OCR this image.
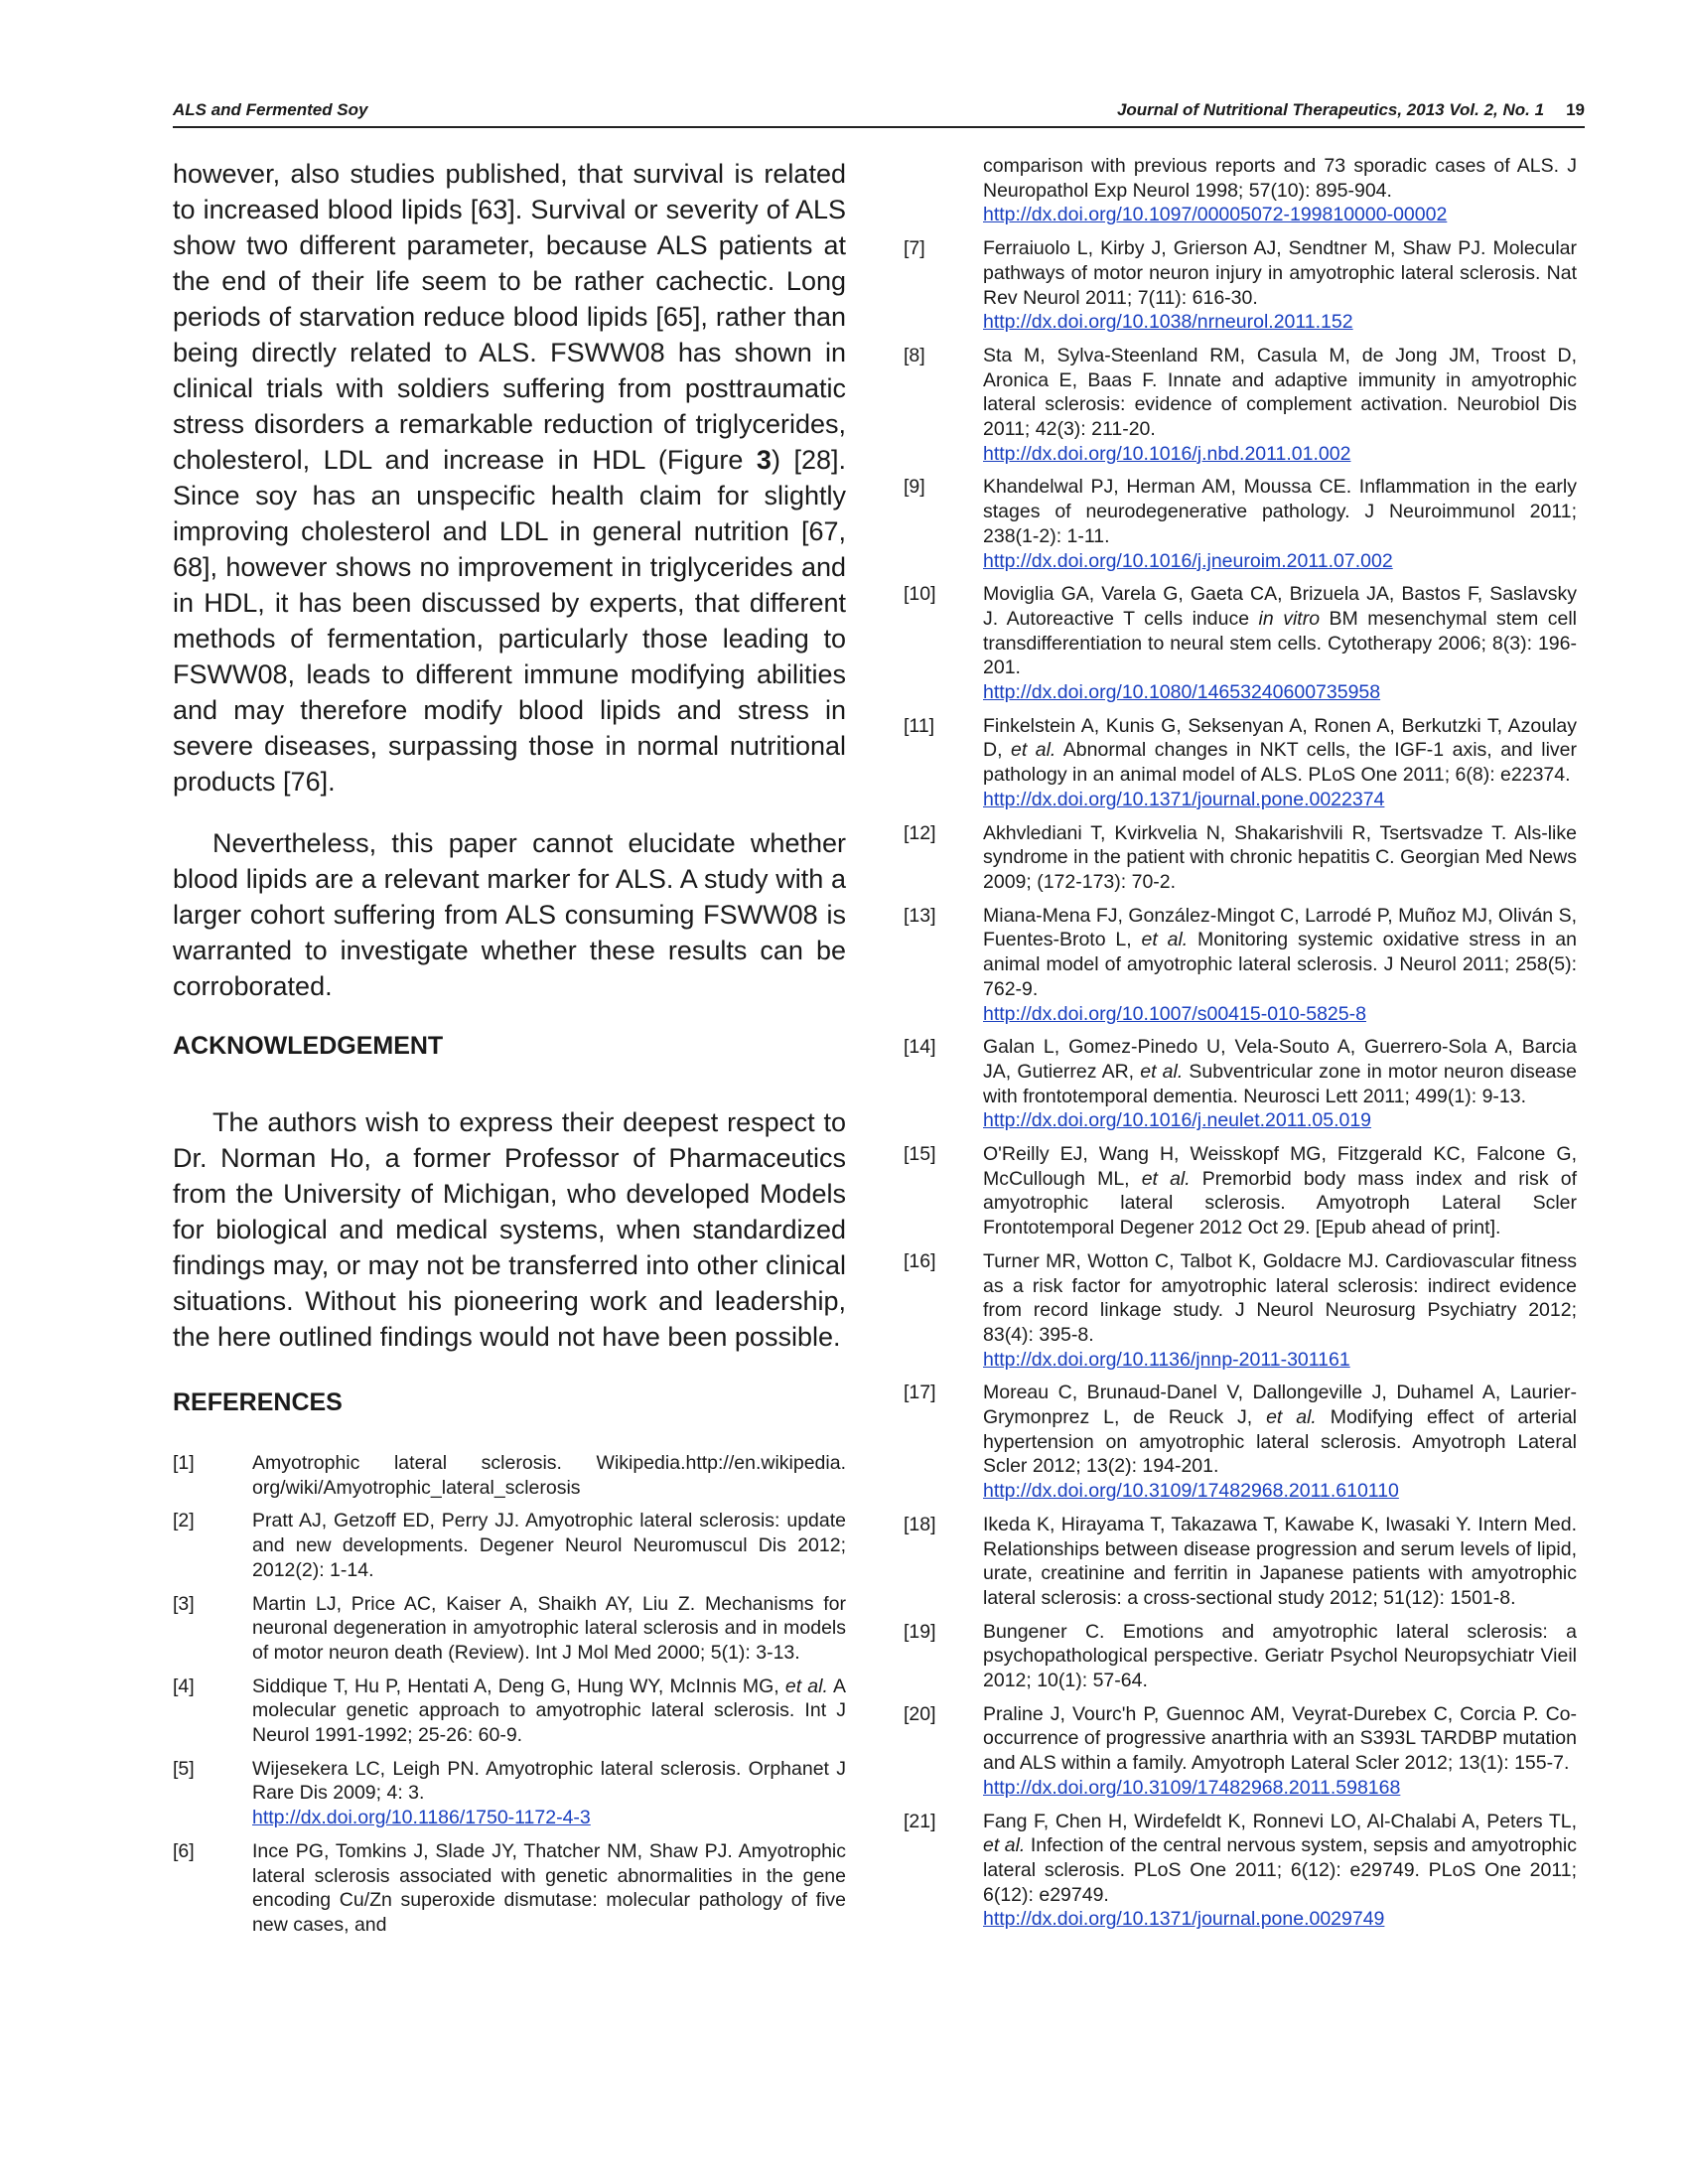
ALS and Fermented Soy	Journal of Nutritional Therapeutics, 2013 Vol. 2, No. 1 19

however, also studies published, that survival is related to increased blood lipids [63]. Survival or severity of ALS show two different parameter, because ALS patients at the end of their life seem to be rather cachectic. Long periods of starvation reduce blood lipids [65], rather than being directly related to ALS. FSWW08 has shown in clinical trials with soldiers suffering from posttraumatic stress disorders a remarkable reduction of triglycerides, cholesterol, LDL and increase in HDL (Figure 3) [28]. Since soy has an unspecific health claim for slightly improving cholesterol and LDL in general nutrition [67, 68], however shows no improvement in triglycerides and in HDL, it has been discussed by experts, that different methods of fermentation, particularly those leading to FSWW08, leads to different immune modifying abilities and may therefore modify blood lipids and stress in severe diseases, surpassing those in normal nutritional products [76].

Nevertheless, this paper cannot elucidate whether blood lipids are a relevant marker for ALS. A study with a larger cohort suffering from ALS consuming FSWW08 is warranted to investigate whether these results can be corroborated.

ACKNOWLEDGEMENT

The authors wish to express their deepest respect to Dr. Norman Ho, a former Professor of Pharmaceutics from the University of Michigan, who developed Models for biological and medical systems, when standardized findings may, or may not be transferred into other clinical situations. Without his pioneering work and leadership, the here outlined findings would not have been possible.

REFERENCES
[1]	Amyotrophic lateral sclerosis. Wikipedia.http://en.wikipedia. org/wiki/Amyotrophic_lateral_sclerosis
[2]	Pratt AJ, Getzoff ED, Perry JJ. Amyotrophic lateral sclerosis: update and new developments. Degener Neurol Neuromuscul Dis 2012; 2012(2): 1-14.
[3]	Martin LJ, Price AC, Kaiser A, Shaikh AY, Liu Z. Mechanisms for neuronal degeneration in amyotrophic lateral sclerosis and in models of motor neuron death (Review). Int J Mol Med 2000; 5(1): 3-13.
[4]	Siddique T, Hu P, Hentati A, Deng G, Hung WY, McInnis MG, et al. A molecular genetic approach to amyotrophic lateral sclerosis. Int J Neurol 1991-1992; 25-26: 60-9.
[5]	Wijesekera LC, Leigh PN. Amyotrophic lateral sclerosis. Orphanet J Rare Dis 2009; 4: 3.
http://dx.doi.org/10.1186/1750-1172-4-3
[6]	Ince PG, Tomkins J, Slade JY, Thatcher NM, Shaw PJ. Amyotrophic lateral sclerosis associated with genetic abnormalities in the gene encoding Cu/Zn superoxide dismutase: molecular pathology of five new cases, and
comparison with previous reports and 73 sporadic cases of ALS. J Neuropathol Exp Neurol 1998; 57(10): 895-904.
http://dx.doi.org/10.1097/00005072-199810000-00002
[7]	Ferraiuolo L, Kirby J, Grierson AJ, Sendtner M, Shaw PJ. Molecular pathways of motor neuron injury in amyotrophic lateral sclerosis. Nat Rev Neurol 2011; 7(11): 616-30.
http://dx.doi.org/10.1038/nrneurol.2011.152
[8]	Sta M, Sylva-Steenland RM, Casula M, de Jong JM, Troost D, Aronica E, Baas F. Innate and adaptive immunity in amyotrophic lateral sclerosis: evidence of complement activation. Neurobiol Dis 2011; 42(3): 211-20.
http://dx.doi.org/10.1016/j.nbd.2011.01.002
[9]	Khandelwal PJ, Herman AM, Moussa CE. Inflammation in the early stages of neurodegenerative pathology. J Neuroimmunol 2011; 238(1-2): 1-11.
http://dx.doi.org/10.1016/j.jneuroim.2011.07.002
[10] Moviglia GA, Varela G, Gaeta CA, Brizuela JA, Bastos F, Saslavsky J. Autoreactive T cells induce in vitro BM mesenchymal stem cell transdifferentiation to neural stem cells. Cytotherapy 2006; 8(3): 196-201.
http://dx.doi.org/10.1080/14653240600735958
[11]	Finkelstein A, Kunis G, Seksenyan A, Ronen A, Berkutzki T, Azoulay D, et al. Abnormal changes in NKT cells, the IGF-1 axis, and liver pathology in an animal model of ALS. PLoS One 2011; 6(8): e22374.
http://dx.doi.org/10.1371/journal.pone.0022374
[12] Akhvlediani T, Kvirkvelia N, Shakarishvili R, Tsertsvadze T. Als-like syndrome in the patient with chronic hepatitis C. Georgian Med News 2009; (172-173): 70-2.
[13] Miana-Mena FJ, González-Mingot C, Larrodé P, Muñoz MJ, Oliván S, Fuentes-Broto L, et al. Monitoring systemic oxidative stress in an animal model of amyotrophic lateral sclerosis. J Neurol 2011; 258(5): 762-9.
http://dx.doi.org/10.1007/s00415-010-5825-8
[14] Galan L, Gomez-Pinedo U, Vela-Souto A, Guerrero-Sola A, Barcia JA, Gutierrez AR, et al. Subventricular zone in motor neuron disease with frontotemporal dementia. Neurosci Lett 2011; 499(1): 9-13.
http://dx.doi.org/10.1016/j.neulet.2011.05.019
[15] O'Reilly EJ, Wang H, Weisskopf MG, Fitzgerald KC, Falcone G, McCullough ML, et al. Premorbid body mass index and risk of amyotrophic lateral sclerosis. Amyotroph Lateral Scler Frontotemporal Degener 2012 Oct 29. [Epub ahead of print].
[16] Turner MR, Wotton C, Talbot K, Goldacre MJ. Cardiovascular fitness as a risk factor for amyotrophic lateral sclerosis: indirect evidence from record linkage study. J Neurol Neurosurg Psychiatry 2012; 83(4): 395-8.
http://dx.doi.org/10.1136/jnnp-2011-301161
[17] Moreau C, Brunaud-Danel V, Dallongeville J, Duhamel A, Laurier-Grymonprez L, de Reuck J, et al. Modifying effect of arterial hypertension on amyotrophic lateral sclerosis. Amyotroph Lateral Scler 2012; 13(2): 194-201.
http://dx.doi.org/10.3109/17482968.2011.610110
[18] Ikeda K, Hirayama T, Takazawa T, Kawabe K, Iwasaki Y. Intern Med. Relationships between disease progression and serum levels of lipid, urate, creatinine and ferritin in Japanese patients with amyotrophic lateral sclerosis: a cross-sectional study 2012; 51(12): 1501-8.
[19] Bungener C. Emotions and amyotrophic lateral sclerosis: a psychopathological perspective. Geriatr Psychol Neuropsychiatr Vieil 2012; 10(1): 57-64.
[20] Praline J, Vourc'h P, Guennoc AM, Veyrat-Durebex C, Corcia P. Co-occurrence of progressive anarthria with an S393L TARDBP mutation and ALS within a family. Amyotroph Lateral Scler 2012; 13(1): 155-7.
http://dx.doi.org/10.3109/17482968.2011.598168
[21] Fang F, Chen H, Wirdefeldt K, Ronnevi LO, Al-Chalabi A, Peters TL, et al. Infection of the central nervous system, sepsis and amyotrophic lateral sclerosis. PLoS One 2011; 6(12): e29749. PLoS One 2011; 6(12): e29749.
http://dx.doi.org/10.1371/journal.pone.0029749
